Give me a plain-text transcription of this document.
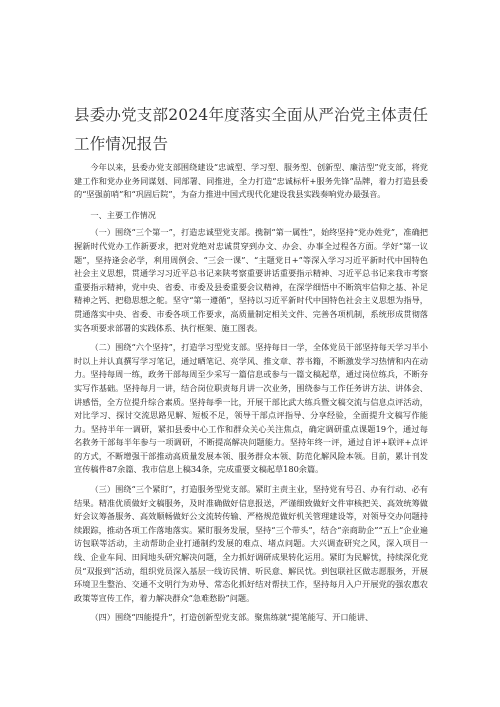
县委办党支部2024年度落实全面从严治党主体责任
工作情况报告

今年以来，县委办党支部围绕建设“忠诚型、学习型、服务型、创新型、廉洁型”党支部，将党建工作和党办业务同谋划、同部署、同推进，全力打造“忠诚标杆+服务先锋”品牌，着力打造县委的“坚强前哨”和“巩固后院”，为奋力推进中国式现代化建设我县实践奏响党办最强音。

一、主要工作情况

（一）围绕“三个第一”，打造忠诚型党支部。携制“第一属性”，始终坚持“党办姓党”，准确把握新时代党办工作新要求，把对党绝对忠诚贯穿到办文、办会、办事全过程各方面。学好“第一议题”，坚持逢会必学，利用周例会、“三会一课”、“主题党日+”等深入学习习近平新时代中国特色社会主义思想，贯通学习习近平总书记来陕考察重要讲话重要指示精神、习近平总书记来我市考察重要指示精神，党中央、省委、市委及县委重要会议精神，在深学细悟中不断筑牢信仰之基、补足精神之钙、把稳思想之舵。坚守“第一遵循”，坚持以习近平新时代中国特色社会主义思想为指导，贯通落实中央、省委、市委各项工作要求，高质量制定相关文件、完善各项机制，系统形成贯彻落实各项要求部署的实践体系、执行框架、施工图表。

（二）围绕“六个坚持”，打造学习型党支部。坚持每日一学，全体党员干部坚持每天学习半小时以上并认真撰写学习笔记，通过晒笔记、亮学风、推文章、荐书籍，不断激发学习热情和内在动力。坚持每周一练，政务干部每周至少采写一篇信息或参与一篇文稿起草，通过岗位练兵，不断夯实写作基础。坚持每月一讲，结合岗位职责每月讲一次业务，围绕参与工作任务讲方法、讲体会、讲感悟，全方位提升综合素质。坚持每季一比，开展干部比武大练兵暨文稿交流与信息点评活动，对比学习、探讨交流思路见解、短板不足，领导干部点评指导、分享经验，全面提升文稿写作能力。坚持半年一调研，紧扣县委中心工作和群众关心关注焦点，确定调研重点课题19个，通过每名救务干部每半年参与一项调研，不断提高解决问题能力。坚持年终一评，通过自评+联评+点评的方式，不断增强干部推动高质量发展本领、服务群众本领、防范化解风险本领。目前，累计刊发宣传稿件87余篇、我市信息上稿34条，完成重要文稿起草180余篇。

（三）围绕“三个紧盯”，打造服务型党支部。紧盯主责主业，坚持党有号召、办有行动、必有结果。精准优质做好文稿服务，及时准确做好信息报送，严谨细致做好文件审核把关、高效统筹做好会议筹备服务、高效顺畅做好公文流转传输、严格规范做好机关管理建设等，对领导交办问题持续跟踪，推动各项工作落地落实。紧盯服务发展，坚持“三个带头”，结合“亲商助企”“五上”企业遍访包联等活动，主动帮助企业打通制约发展的难点、堵点问题。大兴调查研究之风，深入项目一线、企业车间、田间地头研究解决问题，全力抓好调研成果转化运用。紧盯为民解忧，持续深化党员“双报到”活动，组织党员深入基层一线访民情、听民意、解民忧。到包联社区做志愿服务，开展环境卫生整治、交通不文明行为劝导、常态化抓好结对帮扶工作，坚持每月入户开展党的强农惠农政策等宣传工作，着力解决群众“急难愁盼”问题。

（四）围绕“四能提升”，打造创新型党支部。聚焦练就“提笔能写、开口能讲、
